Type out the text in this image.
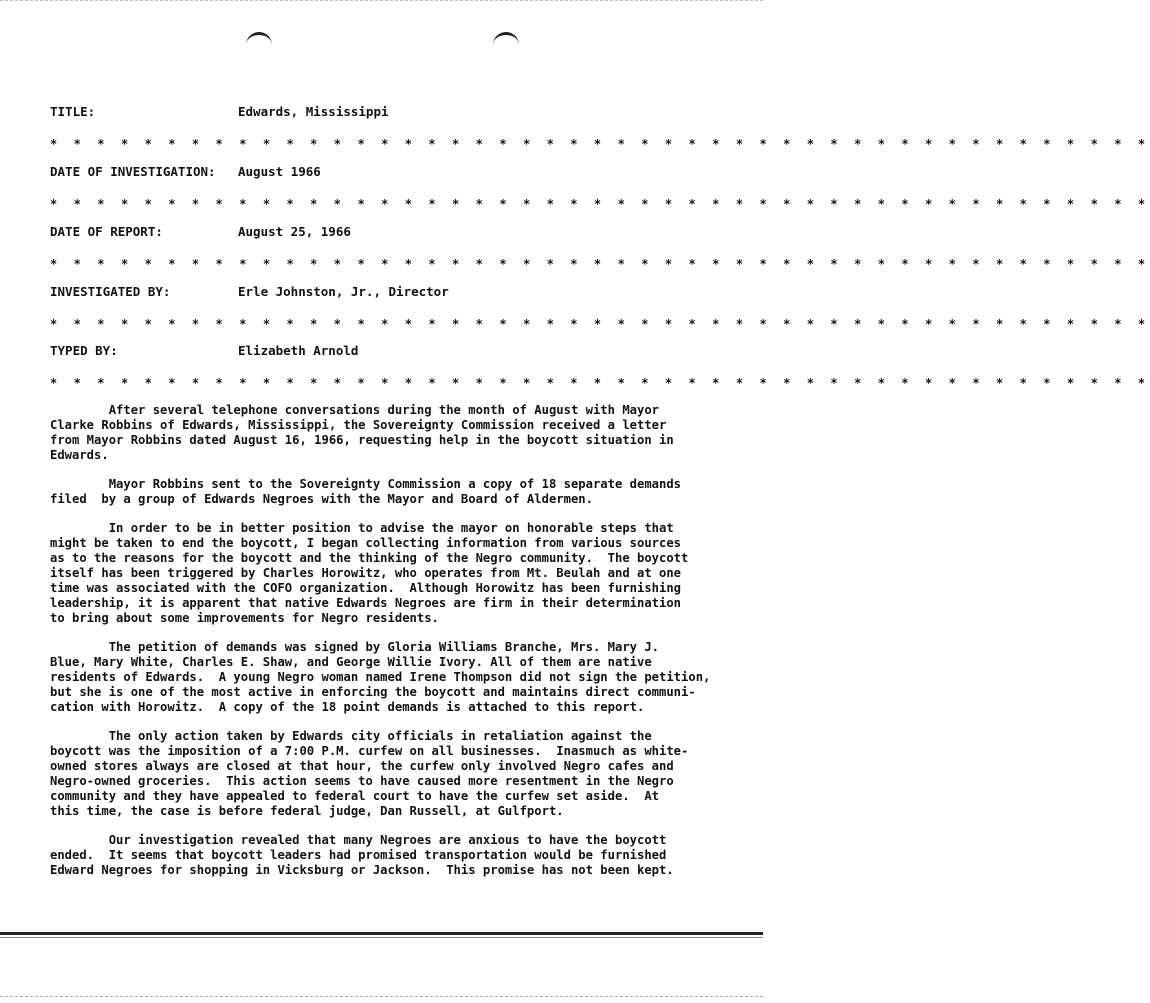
TITLE:	Edwards, Mississippi
* * * * * * * * * * * * * * * * * * * * * * * * * * * * * * * * * * * * * * * * * * * * * * *
DATE OF INVESTIGATION: August 1966
* * * * * * * * * * * * * * * * * * * * * * * * * * * * * * * * * * * * * * * * * * * * * * *
DATE OF REPORT:	August 25, 1966
* * * * * * * * * * * * * * * * * * * * * * * * * * * * * * * * * * * * * * * * * * * * * * *
INVESTIGATED BY:	Erle Johnston, Jr., Director
* * * * * * * * * * * * * * * * * * * * * * * * * * * * * * * * * * * * * * * * * * * * * * *
TYPED BY:	Elizabeth Arnold
* * * * * * * * * * * * * * * * * * * * * * * * * * * * * * * * * * * * * * * * * * * * * * *
After several telephone conversations during the month of August with Mayor
Clarke Robbins of Edwards, Mississippi, the Sovereignty Commission received a letter
from Mayor Robbins dated August 16, 1966, requesting help in the boycott situation in
Edwards.
Mayor Robbins sent to the Sovereignty Commission a copy of 18 separate demands
filed  by a group of Edwards Negroes with the Mayor and Board of Aldermen.
In order to be in better position to advise the mayor on honorable steps that
might be taken to end the boycott, I began collecting information from various sources
as to the reasons for the boycott and the thinking of the Negro community.  The boycott
itself has been triggered by Charles Horowitz, who operates from Mt. Beulah and at one
time was associated with the COFO organization.  Although Horowitz has been furnishing
leadership, it is apparent that native Edwards Negroes are firm in their determination
to bring about some improvements for Negro residents.
The petition of demands was signed by Gloria Williams Branche, Mrs. Mary J.
Blue, Mary White, Charles E. Shaw, and George Willie Ivory. All of them are native
residents of Edwards.  A young Negro woman named Irene Thompson did not sign the petition,
but she is one of the most active in enforcing the boycott and maintains direct communi-
cation with Horowitz.  A copy of the 18 point demands is attached to this report.
The only action taken by Edwards city officials in retaliation against the
boycott was the imposition of a 7:00 P.M. curfew on all businesses.  Inasmuch as white-
owned stores always are closed at that hour, the curfew only involved Negro cafes and
Negro-owned groceries.  This action seems to have caused more resentment in the Negro
community and they have appealed to federal court to have the curfew set aside.  At
this time, the case is before federal judge, Dan Russell, at Gulfport.
Our investigation revealed that many Negroes are anxious to have the boycott
ended.  It seems that boycott leaders had promised transportation would be furnished
Edward Negroes for shopping in Vicksburg or Jackson.  This promise has not been kept.
